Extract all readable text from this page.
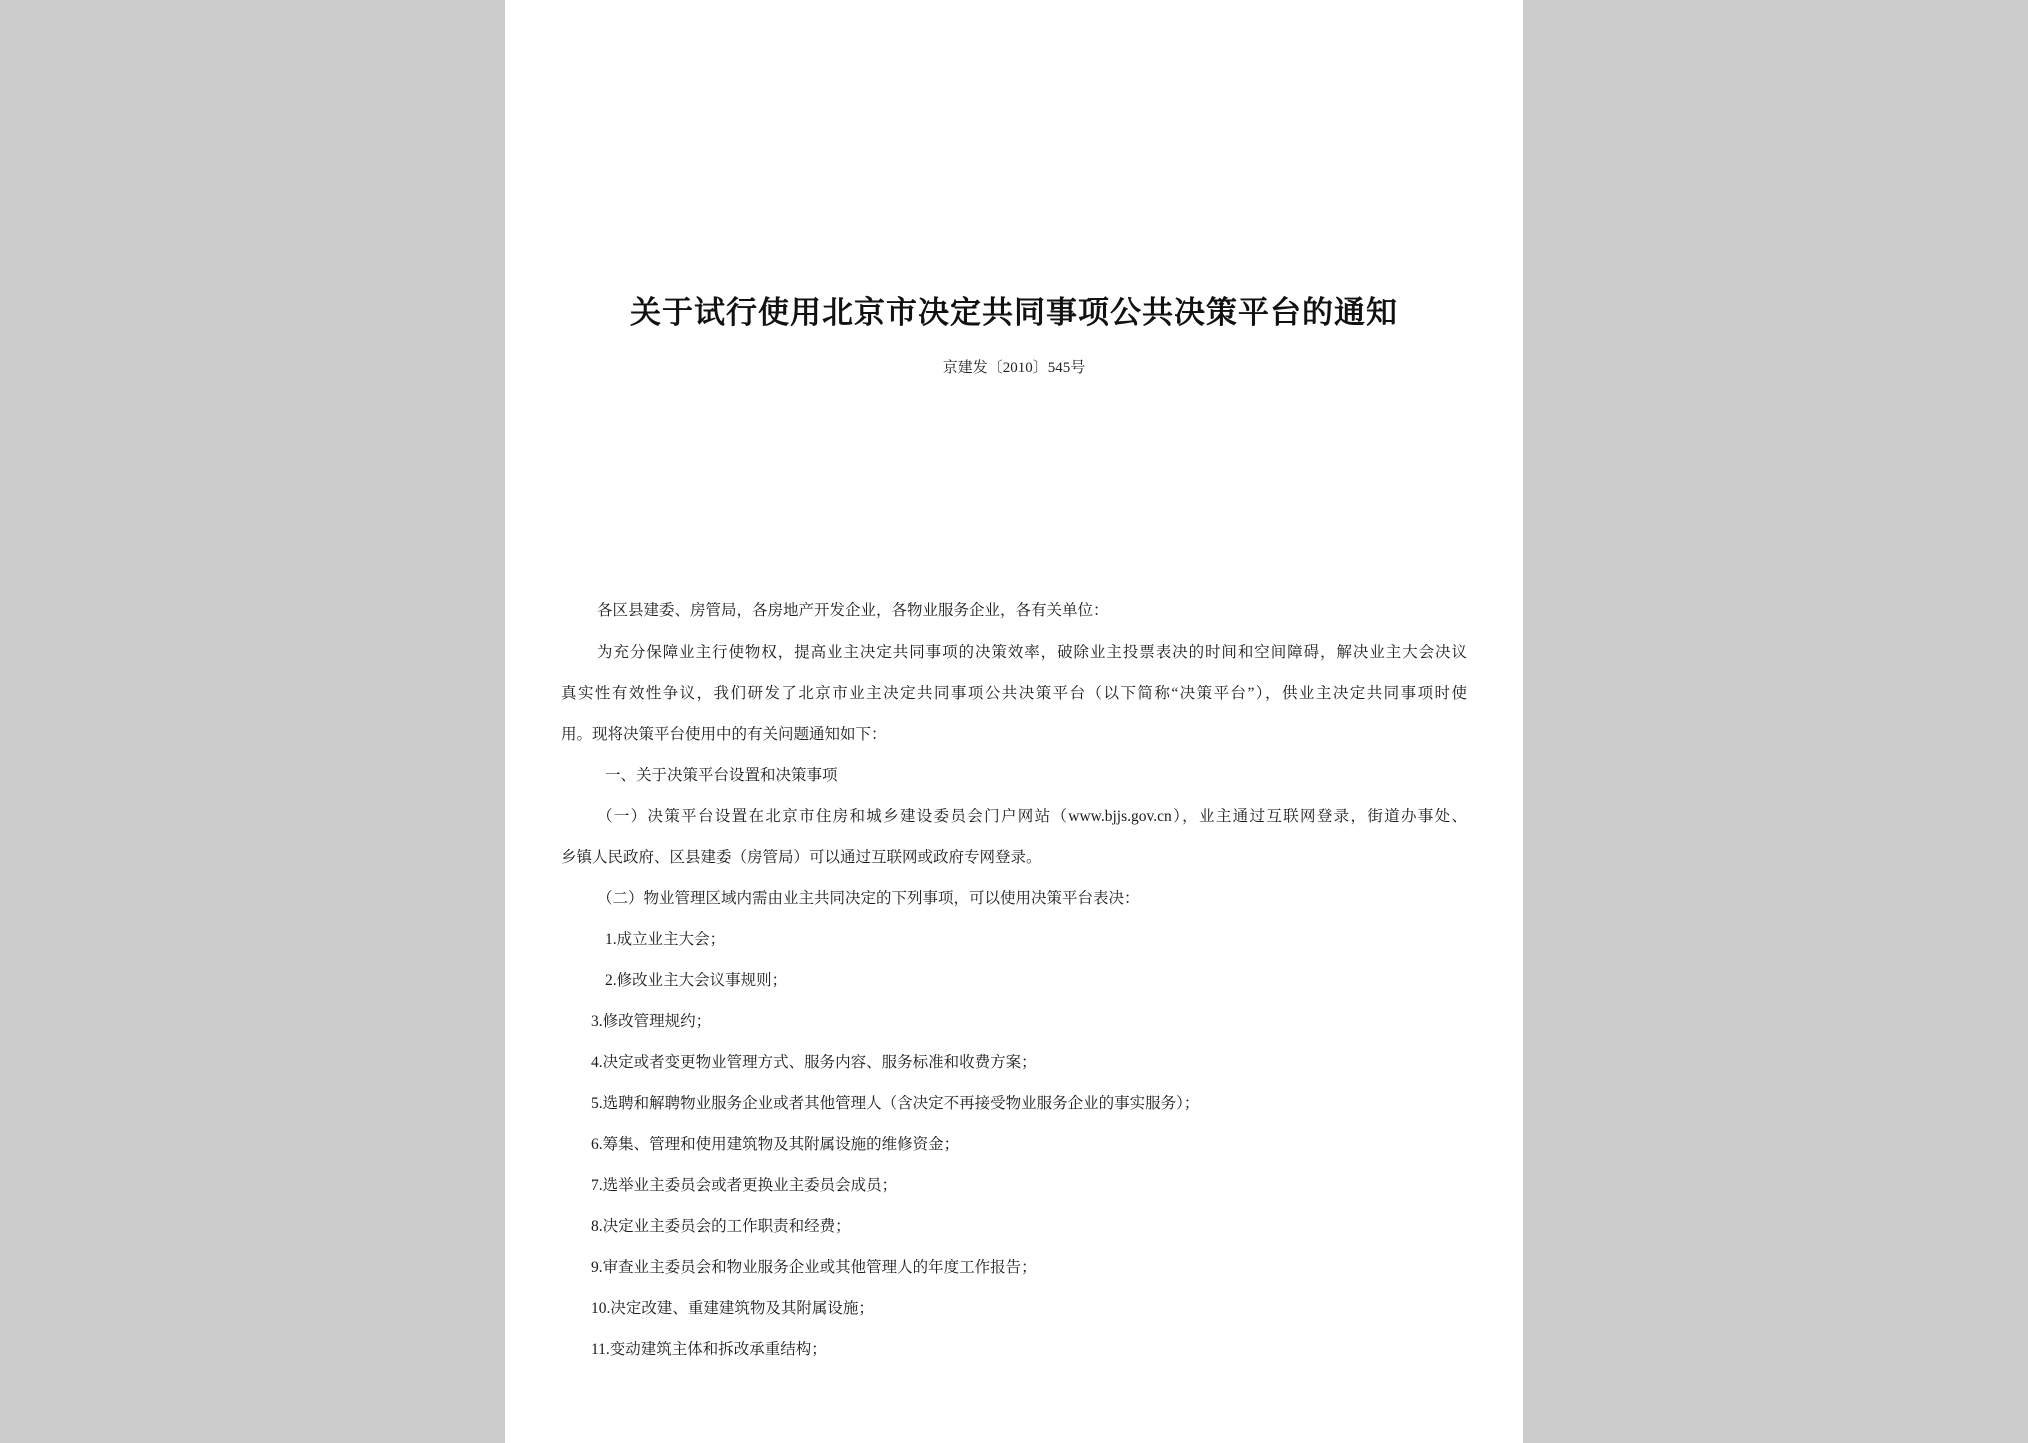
关于试行使用北京市决定共同事项公共决策平台的通知
京建发〔2010〕545号
各区县建委、房管局，各房地产开发企业，各物业服务企业，各有关单位：
为充分保障业主行使物权，提高业主决定共同事项的决策效率，破除业主投票表决的时间和空间障碍，解决业主大会决议
真实性有效性争议，我们研发了北京市业主决定共同事项公共决策平台（以下简称“决策平台”），供业主决定共同事项时使
用。现将决策平台使用中的有关问题通知如下：
一、关于决策平台设置和决策事项
（一）决策平台设置在北京市住房和城乡建设委员会门户网站（www.bjjs.gov.cn），业主通过互联网登录，街道办事处、
乡镇人民政府、区县建委（房管局）可以通过互联网或政府专网登录。
（二）物业管理区域内需由业主共同决定的下列事项，可以使用决策平台表决：
1.成立业主大会；
2.修改业主大会议事规则；
3.修改管理规约；
4.决定或者变更物业管理方式、服务内容、服务标准和收费方案；
5.选聘和解聘物业服务企业或者其他管理人（含决定不再接受物业服务企业的事实服务）；
6.筹集、管理和使用建筑物及其附属设施的维修资金；
7.选举业主委员会或者更换业主委员会成员；
8.决定业主委员会的工作职责和经费；
9.审查业主委员会和物业服务企业或其他管理人的年度工作报告；
10.决定改建、重建建筑物及其附属设施；
11.变动建筑主体和拆改承重结构；
